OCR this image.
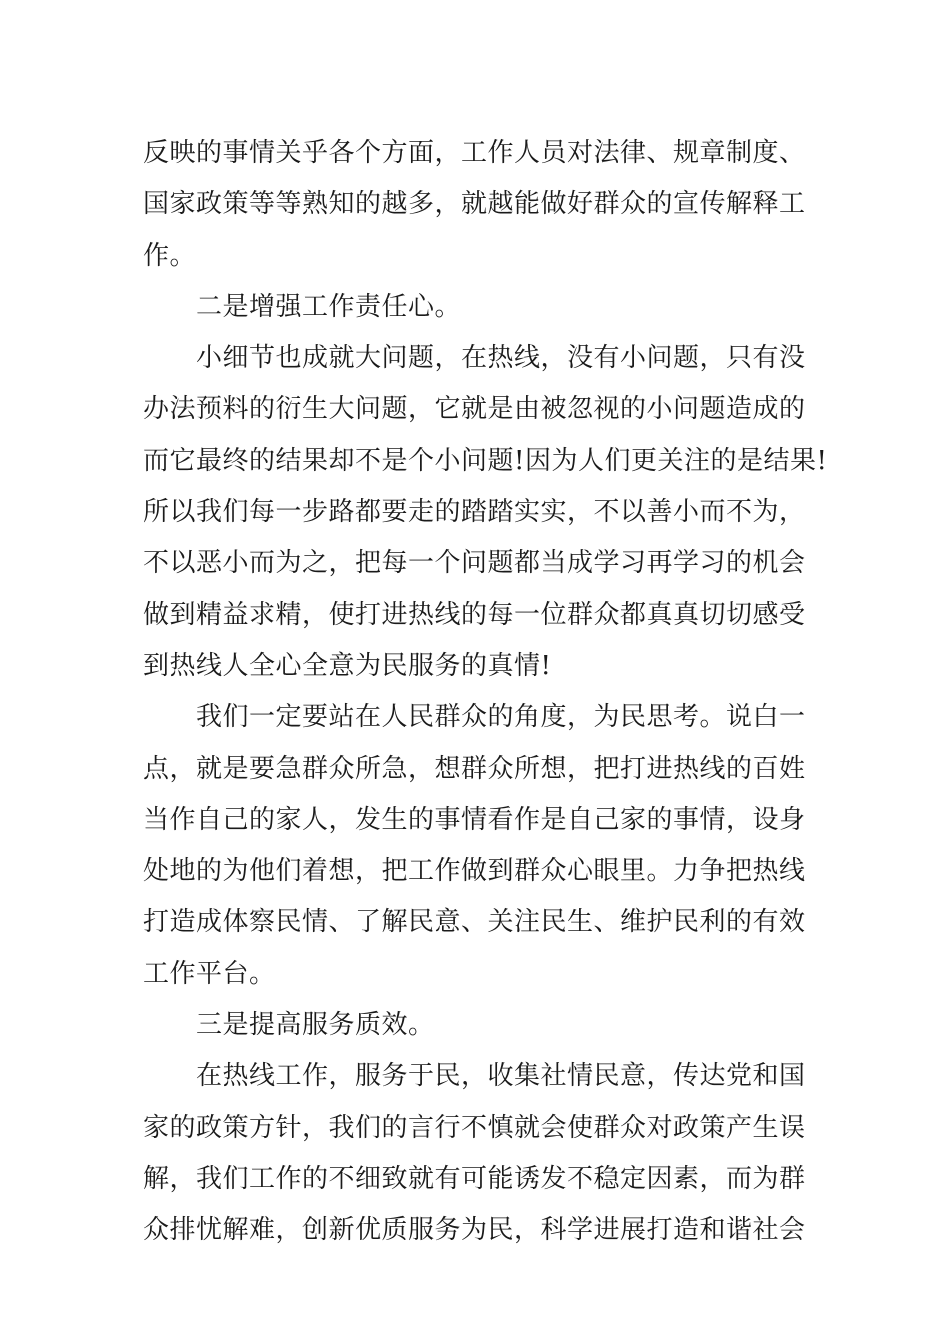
反映的事情关乎各个方面，工作人员对法律、规章制度、
国家政策等等熟知的越多，就越能做好群众的宣传解释工
作。
二是增强工作责任心。
小细节也成就大问题，在热线，没有小问题，只有没
办法预料的衍生大问题，它就是由被忽视的小问题造成的
而它最终的结果却不是个小问题!因为人们更关注的是结果!
所以我们每一步路都要走的踏踏实实，不以善小而不为，
不以恶小而为之，把每一个问题都当成学习再学习的机会
做到精益求精，使打进热线的每一位群众都真真切切感受
到热线人全心全意为民服务的真情!
我们一定要站在人民群众的角度，为民思考。说白一
点，就是要急群众所急，想群众所想，把打进热线的百姓
当作自己的家人，发生的事情看作是自己家的事情，设身
处地的为他们着想，把工作做到群众心眼里。力争把热线
打造成体察民情、了解民意、关注民生、维护民利的有效
工作平台。
三是提高服务质效。
在热线工作，服务于民，收集社情民意，传达党和国
家的政策方针，我们的言行不慎就会使群众对政策产生误
解，我们工作的不细致就有可能诱发不稳定因素，而为群
众排忧解难，创新优质服务为民，科学进展打造和谐社会
